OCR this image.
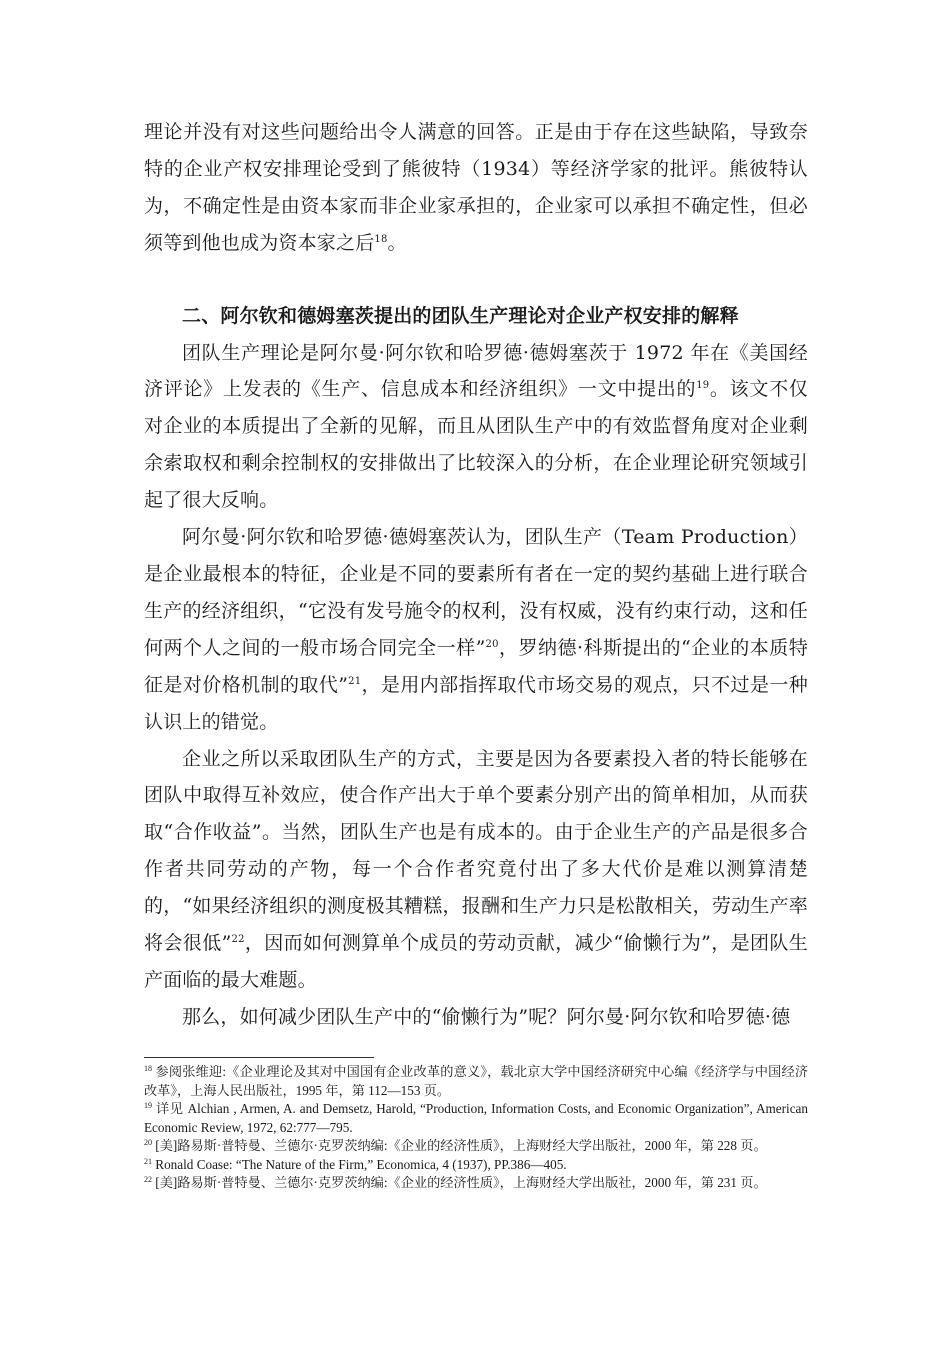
理论并没有对这些问题给出令人满意的回答。正是由于存在这些缺陷，导致奈特的企业产权安排理论受到了熊彼特（1934）等经济学家的批评。熊彼特认为，不确定性是由资本家而非企业家承担的，企业家可以承担不确定性，但必须等到他也成为资本家之后$^{18}$。

二、阿尔钦和德姆塞茨提出的团队生产理论对企业产权安排的解释

团队生产理论是阿尔曼·阿尔钦和哈罗德·德姆塞茨于 1972 年在《美国经济评论》上发表的《生产、信息成本和经济组织》一文中提出的$^{19}$。该文不仅对企业的本质提出了全新的见解，而且从团队生产中的有效监督角度对企业剩余索取权和剩余控制权的安排做出了比较深入的分析，在企业理论研究领域引起了很大反响。

阿尔曼·阿尔钦和哈罗德·德姆塞茨认为，团队生产（Team Production）是企业最根本的特征，企业是不同的要素所有者在一定的契约基础上进行联合生产的经济组织，“它没有发号施令的权利，没有权威，没有约束行动，这和任何两个人之间的一般市场合同完全一样”$^{20}$，罗纳德·科斯提出的“企业的本质特征是对价格机制的取代”$^{21}$，是用内部指挥取代市场交易的观点，只不过是一种认识上的错觉。

企业之所以采取团队生产的方式，主要是因为各要素投入者的特长能够在团队中取得互补效应，使合作产出大于单个要素分别产出的简单相加，从而获取“合作收益”。当然，团队生产也是有成本的。由于企业生产的产品是很多合作者共同劳动的产物，每一个合作者究竟付出了多大代价是难以测算清楚的，“如果经济组织的测度极其糟糕，报酬和生产力只是松散相关，劳动生产率将会很低”$^{22}$，因而如何测算单个成员的劳动贡献，减少“偷懒行为”，是团队生产面临的最大难题。

那么，如何减少团队生产中的“偷懒行为”呢？阿尔曼·阿尔钦和哈罗德·德

$^{18}$ 参阅张维迎:《企业理论及其对中国国有企业改革的意义》，载北京大学中国经济研究中心编《经济学与中国经济改革》，上海人民出版社，1995 年，第 112—153 页。

$^{19}$ 详见 Alchian , Armen, A. and Demsetz, Harold, “Production, Information Costs, and Economic Organization”, American Economic Review, 1972, 62:777—795.

$^{20}$ [美]路易斯·普特曼、兰德尔·克罗茨纳编:《企业的经济性质》，上海财经大学出版社，2000 年，第 228 页。

$^{21}$ Ronald Coase: “The Nature of the Firm,” Economica, 4 (1937), PP.386—405.

$^{22}$ [美]路易斯·普特曼、兰德尔·克罗茨纳编:《企业的经济性质》，上海财经大学出版社，2000 年，第 231 页。
